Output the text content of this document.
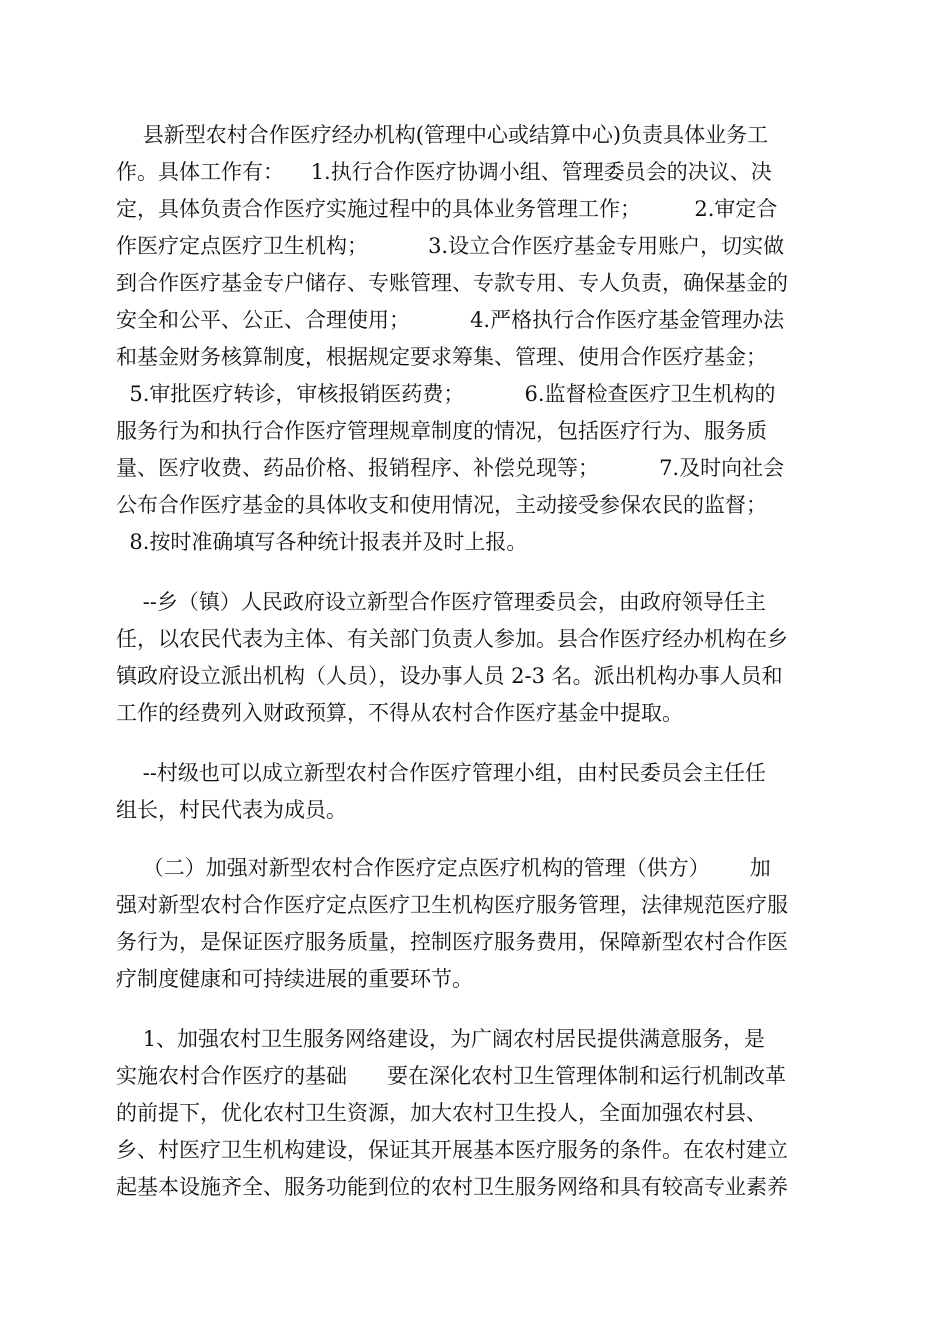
县新型农村合作医疗经办机构(管理中心或结算中心)负责具体业务工
作。具体工作有：    1.执行合作医疗协调小组、管理委员会的决议、决
定，具体负责合作医疗实施过程中的具体业务管理工作；        2.审定合
作医疗定点医疗卫生机构；         3.设立合作医疗基金专用账户，切实做
到合作医疗基金专户储存、专账管理、专款专用、专人负责，确保基金的
安全和公平、公正、合理使用；         4.严格执行合作医疗基金管理办法
和基金财务核算制度，根据规定要求筹集、管理、使用合作医疗基金；
5.审批医疗转诊，审核报销医药费；         6.监督检查医疗卫生机构的
服务行为和执行合作医疗管理规章制度的情况，包括医疗行为、服务质
量、医疗收费、药品价格、报销程序、补偿兑现等；         7.及时向社会
公布合作医疗基金的具体收支和使用情况，主动接受参保农民的监督；
8.按时准确填写各种统计报表并及时上报。
--乡（镇）人民政府设立新型合作医疗管理委员会，由政府领导任主
任，以农民代表为主体、有关部门负责人参加。县合作医疗经办机构在乡
镇政府设立派出机构（人员），设办事人员 2-3 名。派出机构办事人员和
工作的经费列入财政预算，不得从农村合作医疗基金中提取。
--村级也可以成立新型农村合作医疗管理小组，由村民委员会主任任
组长，村民代表为成员。
（二）加强对新型农村合作医疗定点医疗机构的管理（供方）      加
强对新型农村合作医疗定点医疗卫生机构医疗服务管理，法律规范医疗服
务行为，是保证医疗服务质量，控制医疗服务费用，保障新型农村合作医
疗制度健康和可持续进展的重要环节。
1、加强农村卫生服务网络建设，为广阔农村居民提供满意服务，是
实施农村合作医疗的基础      要在深化农村卫生管理体制和运行机制改革
的前提下，优化农村卫生资源，加大农村卫生投人，全面加强农村县、
乡、村医疗卫生机构建设，保证其开展基本医疗服务的条件。在农村建立
起基本设施齐全、服务功能到位的农村卫生服务网络和具有较高专业素养
